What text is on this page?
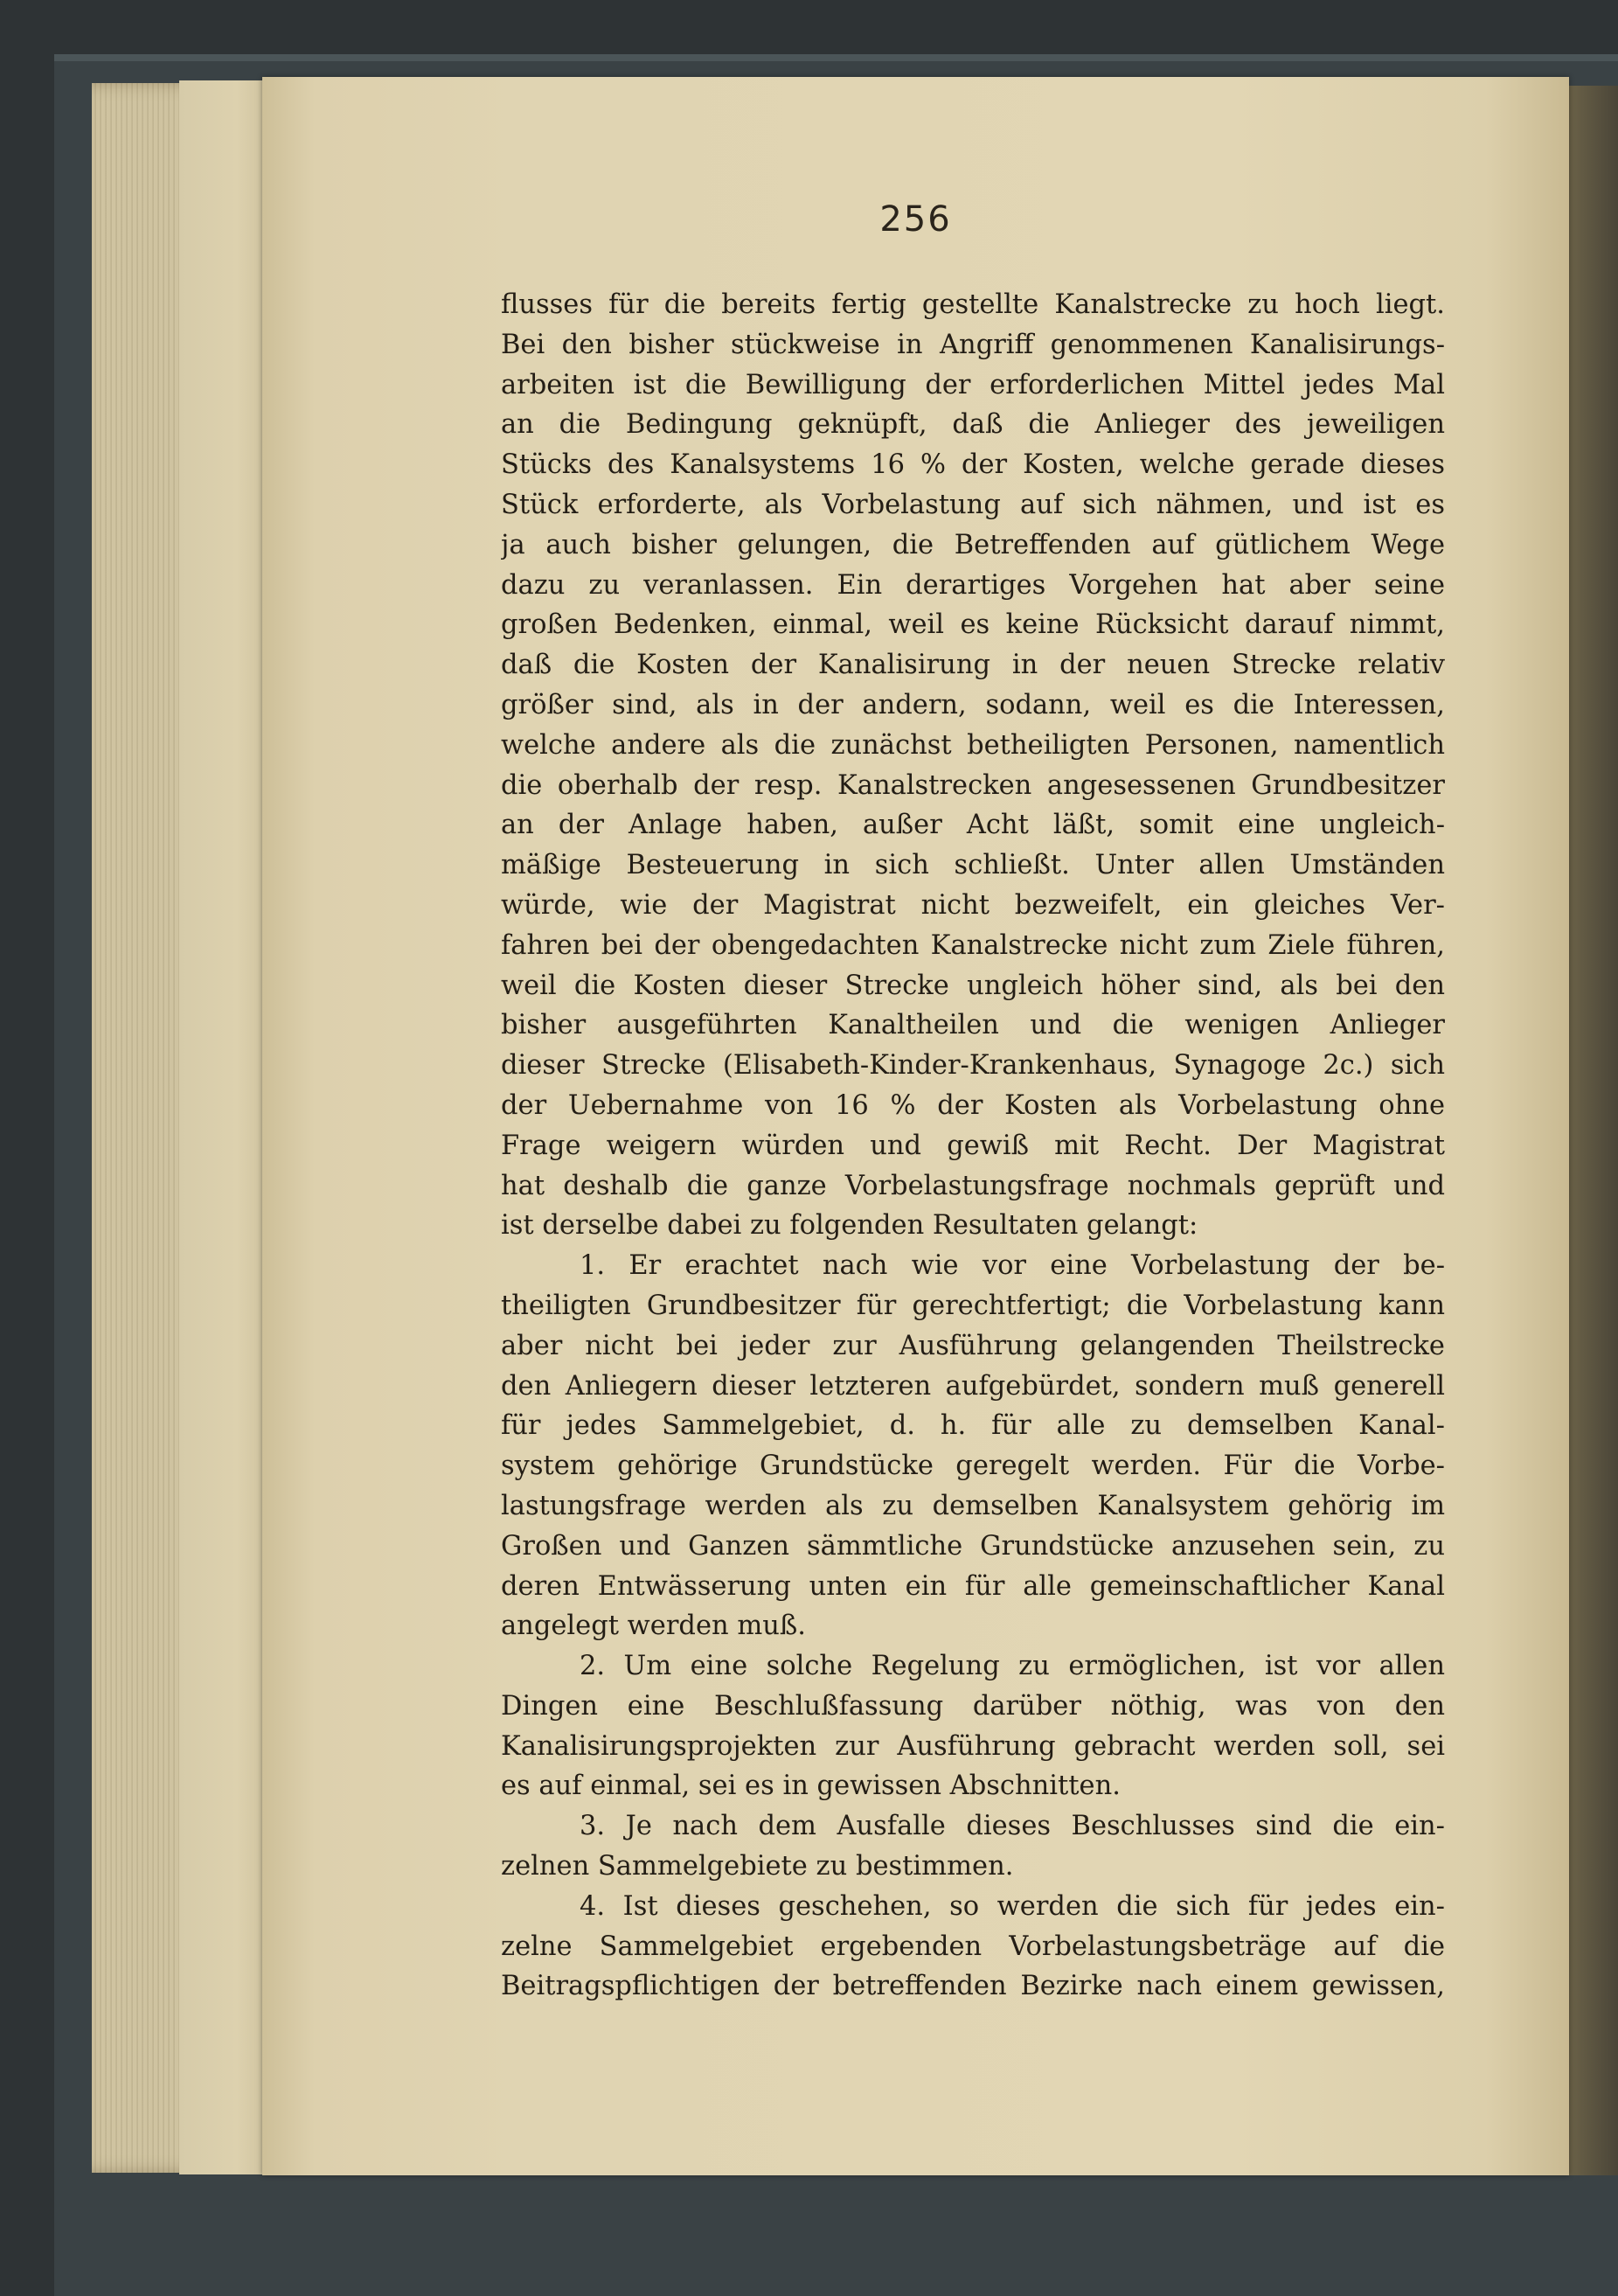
256
flusses für die bereits fertig gestellte Kanalstrecke zu hoch liegt.
Bei den bisher stückweise in Angriff genommenen Kanalisirungs-
arbeiten ist die Bewilligung der erforderlichen Mittel jedes Mal
an die Bedingung geknüpft, daß die Anlieger des jeweiligen
Stücks des Kanalsystems 16 % der Kosten, welche gerade dieses
Stück erforderte, als Vorbelastung auf sich nähmen, und ist es
ja auch bisher gelungen, die Betreffenden auf gütlichem Wege
dazu zu veranlassen. Ein derartiges Vorgehen hat aber seine
großen Bedenken, einmal, weil es keine Rücksicht darauf nimmt,
daß die Kosten der Kanalisirung in der neuen Strecke relativ
größer sind, als in der andern, sodann, weil es die Interessen,
welche andere als die zunächst betheiligten Personen, namentlich
die oberhalb der resp. Kanalstrecken angesessenen Grundbesitzer
an der Anlage haben, außer Acht läßt, somit eine ungleich-
mäßige Besteuerung in sich schließt. Unter allen Umständen
würde, wie der Magistrat nicht bezweifelt, ein gleiches Ver-
fahren bei der obengedachten Kanalstrecke nicht zum Ziele führen,
weil die Kosten dieser Strecke ungleich höher sind, als bei den
bisher ausgeführten Kanaltheilen und die wenigen Anlieger
dieser Strecke (Elisabeth-Kinder-Krankenhaus, Synagoge 2c.) sich
der Uebernahme von 16 % der Kosten als Vorbelastung ohne
Frage weigern würden und gewiß mit Recht. Der Magistrat
hat deshalb die ganze Vorbelastungsfrage nochmals geprüft und
ist derselbe dabei zu folgenden Resultaten gelangt:
1. Er erachtet nach wie vor eine Vorbelastung der be-
theiligten Grundbesitzer für gerechtfertigt; die Vorbelastung kann
aber nicht bei jeder zur Ausführung gelangenden Theilstrecke
den Anliegern dieser letzteren aufgebürdet, sondern muß generell
für jedes Sammelgebiet, d. h. für alle zu demselben Kanal-
system gehörige Grundstücke geregelt werden. Für die Vorbe-
lastungsfrage werden als zu demselben Kanalsystem gehörig im
Großen und Ganzen sämmtliche Grundstücke anzusehen sein, zu
deren Entwässerung unten ein für alle gemeinschaftlicher Kanal
angelegt werden muß.
2. Um eine solche Regelung zu ermöglichen, ist vor allen
Dingen eine Beschlußfassung darüber nöthig, was von den
Kanalisirungsprojekten zur Ausführung gebracht werden soll, sei
es auf einmal, sei es in gewissen Abschnitten.
3. Je nach dem Ausfalle dieses Beschlusses sind die ein-
zelnen Sammelgebiete zu bestimmen.
4. Ist dieses geschehen, so werden die sich für jedes ein-
zelne Sammelgebiet ergebenden Vorbelastungsbeträge auf die
Beitragspflichtigen der betreffenden Bezirke nach einem gewissen,
